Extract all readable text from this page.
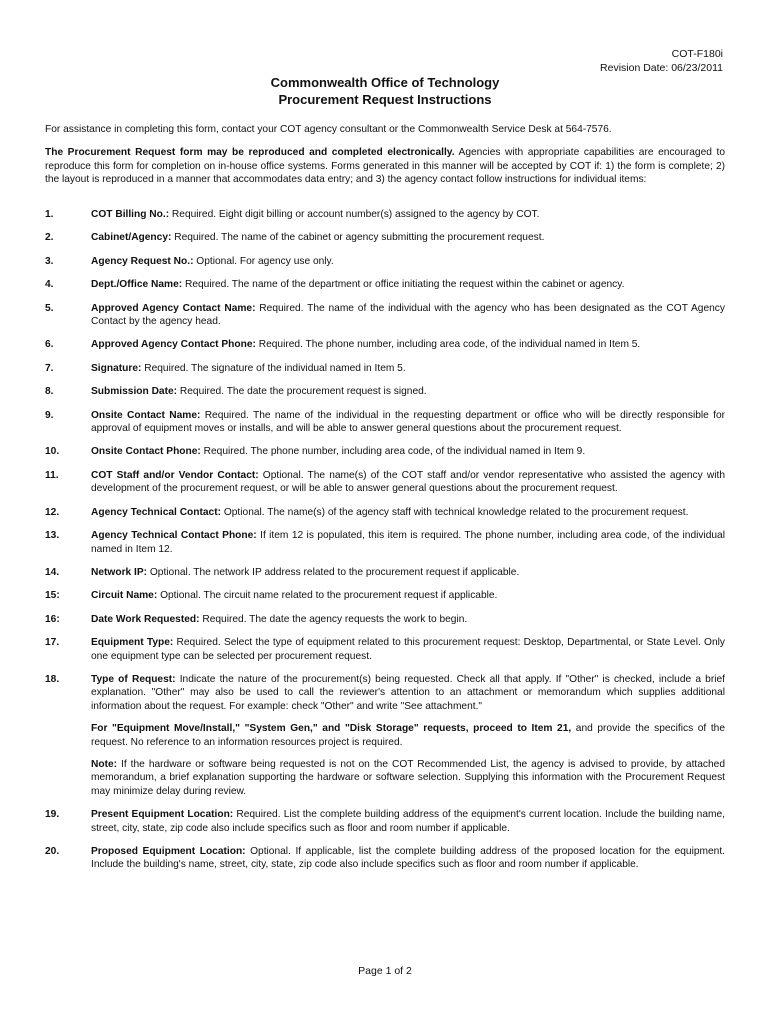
COT-F180i
Revision Date: 06/23/2011
Commonwealth Office of Technology
Procurement Request Instructions

For assistance in completing this form, contact your COT agency consultant or the Commonwealth Service Desk at 564-7576.

The Procurement Request form may be reproduced and completed electronically. Agencies with appropriate capabilities are encouraged to reproduce this form for completion on in-house office systems. Forms generated in this manner will be accepted by COT if: 1) the form is complete; 2) the layout is reproduced in a manner that accommodates data entry; and 3) the agency contact follow instructions for individual items:

1.	COT Billing No.: Required. Eight digit billing or account number(s) assigned to the agency by COT.

2.	Cabinet/Agency: Required. The name of the cabinet or agency submitting the procurement request.

3.	Agency Request No.: Optional. For agency use only.

4.	Dept./Office Name: Required. The name of the department or office initiating the request within the cabinet or agency.

5.	Approved Agency Contact Name: Required. The name of the individual with the agency who has been designated as the COT Agency Contact by the agency head.

6.	Approved Agency Contact Phone: Required. The phone number, including area code, of the individual named in Item 5.

7.	Signature: Required. The signature of the individual named in Item 5.

8.	Submission Date: Required. The date the procurement request is signed.

9.	Onsite Contact Name: Required. The name of the individual in the requesting department or office who will be directly responsible for approval of equipment moves or installs, and will be able to answer general questions about the procurement request.

10.	Onsite Contact Phone: Required. The phone number, including area code, of the individual named in Item 9.

11.	COT Staff and/or Vendor Contact: Optional. The name(s) of the COT staff and/or vendor representative who assisted the agency with development of the procurement request, or will be able to answer general questions about the procurement request.

12.	Agency Technical Contact: Optional. The name(s) of the agency staff with technical knowledge related to the procurement request.

13.	Agency Technical Contact Phone: If item 12 is populated, this item is required. The phone number, including area code, of the individual named in Item 12.

14.	Network IP: Optional. The network IP address related to the procurement request if applicable.

15:	Circuit Name: Optional. The circuit name related to the procurement request if applicable.

16:	Date Work Requested: Required. The date the agency requests the work to begin.

17.	Equipment Type: Required. Select the type of equipment related to this procurement request: Desktop, Departmental, or State Level. Only one equipment type can be selected per procurement request.

18.	Type of Request: Indicate the nature of the procurement(s) being requested. Check all that apply. If "Other" is checked, include a brief explanation. "Other" may also be used to call the reviewer's attention to an attachment or memorandum which supplies additional information about the request. For example: check "Other" and write "See attachment."

For "Equipment Move/Install," "System Gen," and "Disk Storage" requests, proceed to Item 21, and provide the specifics of the request. No reference to an information resources project is required.

Note: If the hardware or software being requested is not on the COT Recommended List, the agency is advised to provide, by attached memorandum, a brief explanation supporting the hardware or software selection. Supplying this information with the Procurement Request may minimize delay during review.

19.	Present Equipment Location: Required. List the complete building address of the equipment's current location. Include the building name, street, city, state, zip code also include specifics such as floor and room number if applicable.

20.	Proposed Equipment Location: Optional. If applicable, list the complete building address of the proposed location for the equipment. Include the building's name, street, city, state, zip code also include specifics such as floor and room number if applicable.

Page 1 of 2
